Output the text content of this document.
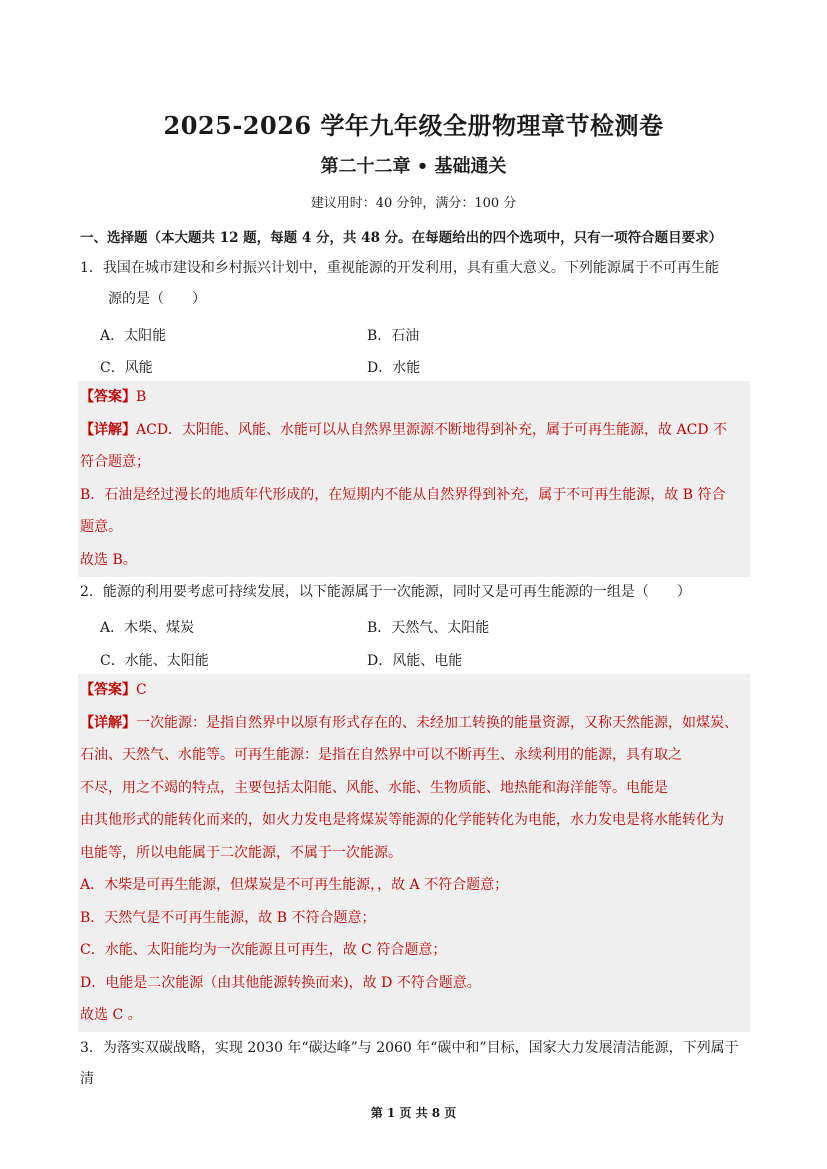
2025-2026 学年九年级全册物理章节检测卷
第二十二章 • 基础通关
建议用时：40 分钟，满分：100 分
一、选择题（本大题共 12 题，每题 4 分，共 48 分。在每题给出的四个选项中，只有一项符合题目要求）
1．我国在城市建设和乡村振兴计划中，重视能源的开发利用，具有重大意义。下列能源属于不可再生能
源的是（　　）
A．太阳能	B．石油
C．风能	D．水能

【答案】B

【详解】ACD．太阳能、风能、水能可以从自然界里源源不断地得到补充，属于可再生能源，故 ACD 不

符合题意；

B．石油是经过漫长的地质年代形成的，在短期内不能从自然界得到补充，属于不可再生能源，故 B 符合

题意。

故选 B。

2．能源的利用要考虑可持续发展，以下能源属于一次能源，同时又是可再生能源的一组是（　　）
A．木柴、煤炭	B．天然气、太阳能
C．水能、太阳能	D．风能、电能

【答案】C

【详解】一次能源：是指自然界中以原有形式存在的、未经加工转换的能量资源，又称天然能源，如煤炭、

石油、天然气、水能等。可再生能源：是指在自然界中可以不断再生、永续利用的能源，具有取之

不尽，用之不竭的特点，主要包括太阳能、风能、水能、生物质能、地热能和海洋能等。电能是

由其他形式的能转化而来的，如火力发电是将煤炭等能源的化学能转化为电能，水力发电是将水能转化为

电能等，所以电能属于二次能源，不属于一次能源。

A．木柴是可再生能源，但煤炭是不可再生能源，，故 A 不符合题意；

B．天然气是不可再生能源，故 B 不符合题意；

C．水能、太阳能均为一次能源且可再生，故 C 符合题意；

D．电能是二次能源（由其他能源转换而来)，故 D 不符合题意。

故选 C 。

3．为落实双碳战略，实现 2030 年“碳达峰”与 2060 年“碳中和”目标，国家大力发展清洁能源，下列属于清
第 1 页 共 8 页
